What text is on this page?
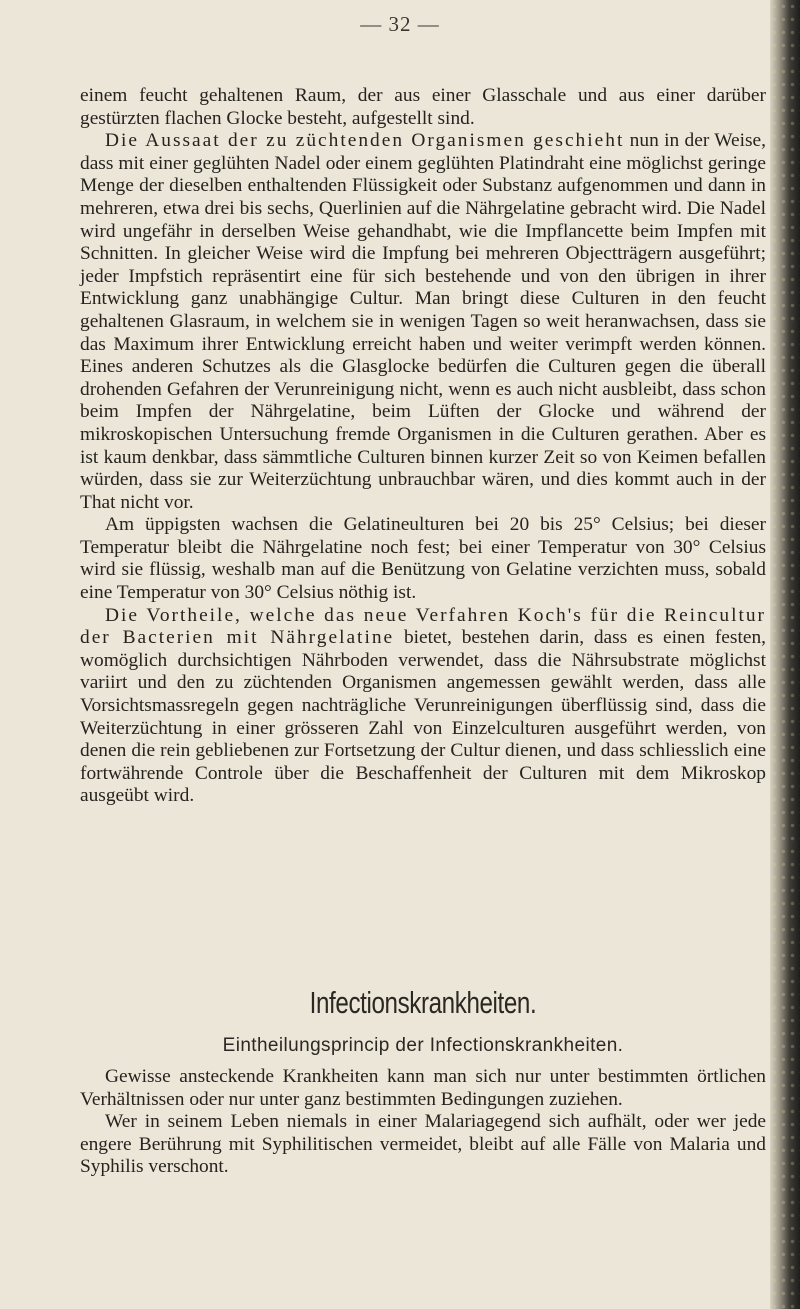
— 32 —

einem feucht gehaltenen Raum, der aus einer Glasschale und aus einer darüber gestürzten flachen Glocke besteht, aufgestellt sind.

Die Aussaat der zu züchtenden Organismen geschieht nun in der Weise, dass mit einer geglühten Nadel oder einem geglühten Platindraht eine möglichst geringe Menge der dieselben enthaltenden Flüssigkeit oder Substanz aufgenommen und dann in mehreren, etwa drei bis sechs, Querlinien auf die Nährgelatine gebracht wird. Die Nadel wird ungefähr in derselben Weise gehandhabt, wie die Impflancette beim Impfen mit Schnitten. In gleicher Weise wird die Impfung bei mehreren Objectträgern ausgeführt; jeder Impfstich repräsentirt eine für sich bestehende und von den übrigen in ihrer Entwicklung ganz unabhängige Cultur. Man bringt diese Culturen in den feucht gehaltenen Glasraum, in welchem sie in wenigen Tagen so weit heranwachsen, dass sie das Maximum ihrer Entwicklung erreicht haben und weiter verimpft werden können. Eines anderen Schutzes als die Glasglocke bedürfen die Culturen gegen die überall drohenden Gefahren der Verunreinigung nicht, wenn es auch nicht ausbleibt, dass schon beim Impfen der Nährgelatine, beim Lüften der Glocke und während der mikroskopischen Untersuchung fremde Organismen in die Culturen gerathen. Aber es ist kaum denkbar, dass sämmtliche Culturen binnen kurzer Zeit so von Keimen befallen würden, dass sie zur Weiterzüchtung unbrauchbar wären, und dies kommt auch in der That nicht vor.

Am üppigsten wachsen die Gelatineulturen bei 20 bis 25° Celsius; bei dieser Temperatur bleibt die Nährgelatine noch fest; bei einer Temperatur von 30° Celsius wird sie flüssig, weshalb man auf die Benützung von Gelatine verzichten muss, sobald eine Temperatur von 30° Celsius nöthig ist.

Die Vortheile, welche das neue Verfahren Koch's für die Reincultur der Bacterien mit Nährgelatine bietet, bestehen darin, dass es einen festen, womöglich durchsichtigen Nährboden verwendet, dass die Nährsubstrate möglichst variirt und den zu züchtenden Organismen angemessen gewählt werden, dass alle Vorsichtsmassregeln gegen nachträgliche Verunreinigungen überflüssig sind, dass die Weiterzüchtung in einer grösseren Zahl von Einzelculturen ausgeführt werden, von denen die rein gebliebenen zur Fortsetzung der Cultur dienen, und dass schliesslich eine fortwährende Controle über die Beschaffenheit der Culturen mit dem Mikroskop ausgeübt wird.

Infectionskrankheiten.
Eintheilungsprincip der Infectionskrankheiten.

Gewisse ansteckende Krankheiten kann man sich nur unter bestimmten örtlichen Verhältnissen oder nur unter ganz bestimmten Bedingungen zuziehen.

Wer in seinem Leben niemals in einer Malariagegend sich aufhält, oder wer jede engere Berührung mit Syphilitischen vermeidet, bleibt auf alle Fälle von Malaria und Syphilis verschont.
